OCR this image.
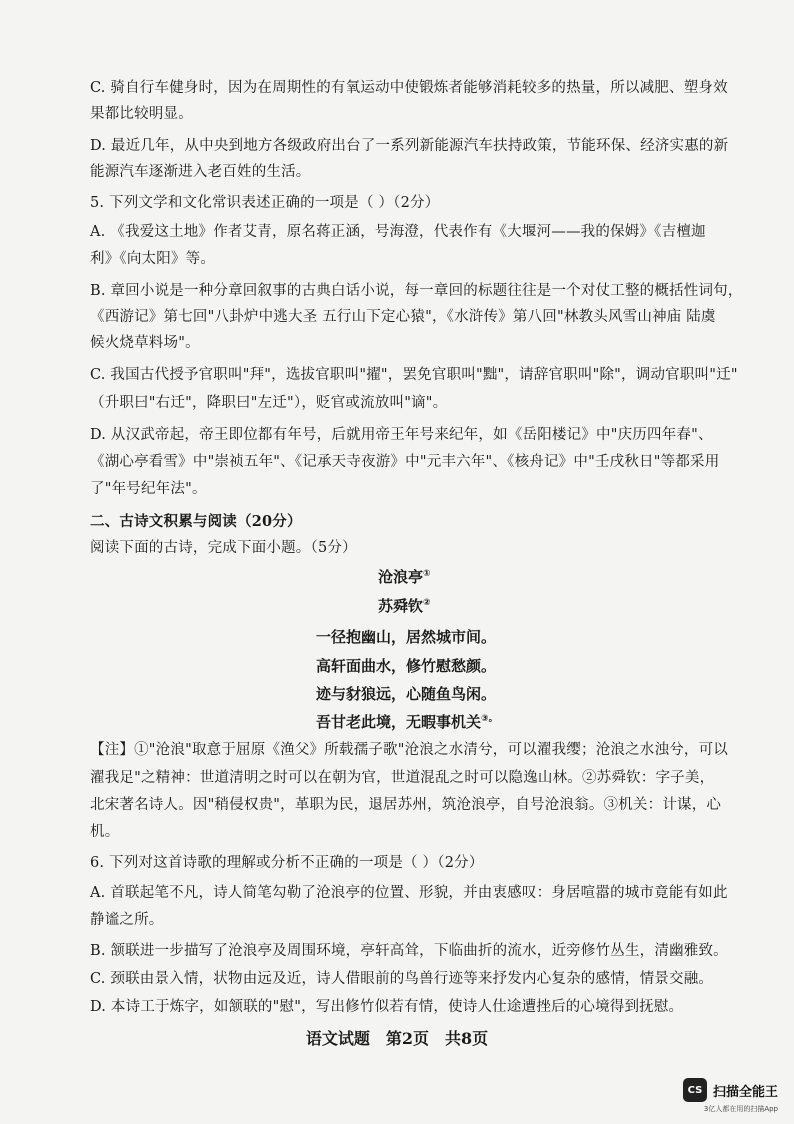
C. 骑自行车健身时，因为在周期性的有氧运动中使锻炼者能够消耗较多的热量，所以减肥、塑身效
果都比较明显。
D. 最近几年，从中央到地方各级政府出台了一系列新能源汽车扶持政策，节能环保、经济实惠的新
能源汽车逐渐进入老百姓的生活。
5. 下列文学和文化常识表述正确的一项是（ ）（2分）
A. 《我爱这土地》作者艾青，原名蒋正涵，号海澄，代表作有《大堰河——我的保姆》《吉檀迦
利》《向太阳》等。
B. 章回小说是一种分章回叙事的古典白话小说，每一章回的标题往往是一个对仗工整的概括性词句，
《西游记》第七回"八卦炉中逃大圣 五行山下定心猿"，《水浒传》第八回"林教头风雪山神庙 陆虞
候火烧草料场"。
C. 我国古代授予官职叫"拜"，选拔官职叫"擢"，罢免官职叫"黜"，请辞官职叫"除"，调动官职叫"迁"
（升职曰"右迁"，降职曰"左迁"），贬官或流放叫"谪"。
D. 从汉武帝起，帝王即位都有年号，后就用帝王年号来纪年，如《岳阳楼记》中"庆历四年春"、
《湖心亭看雪》中"崇祯五年"、《记承天寺夜游》中"元丰六年"、《核舟记》中"壬戌秋日"等都采用
了"年号纪年法"。
二、古诗文积累与阅读（20分）
阅读下面的古诗，完成下面小题。（5分）
沧浪亭①
苏舜钦②
一径抱幽山，居然城市间。
高轩面曲水，修竹慰愁颜。
迹与豺狼远，心随鱼鸟闲。
吾甘老此境，无暇事机关③。
【注】①"沧浪"取意于屈原《渔父》所载孺子歌"沧浪之水清兮，可以濯我缨；沧浪之水浊兮，可以
濯我足"之精神：世道清明之时可以在朝为官，世道混乱之时可以隐逸山林。②苏舜钦：字子美，
北宋著名诗人。因"稍侵权贵"，革职为民，退居苏州，筑沧浪亭，自号沧浪翁。③机关：计谋，心
机。
6. 下列对这首诗歌的理解或分析不正确的一项是（ ）（2分）
A. 首联起笔不凡，诗人简笔勾勒了沧浪亭的位置、形貌，并由衷感叹：身居喧嚣的城市竟能有如此
静谧之所。
B. 颔联进一步描写了沧浪亭及周围环境，亭轩高耸，下临曲折的流水，近旁修竹丛生，清幽雅致。
C. 颈联由景入情，状物由远及近，诗人借眼前的鸟兽行迹等来抒发内心复杂的感情，情景交融。
D. 本诗工于炼字，如颔联的"慰"，写出修竹似若有情，使诗人仕途遭挫后的心境得到抚慰。
语文试题　第2页　共8页
CS 扫描全能王
3亿人都在用的扫描App
